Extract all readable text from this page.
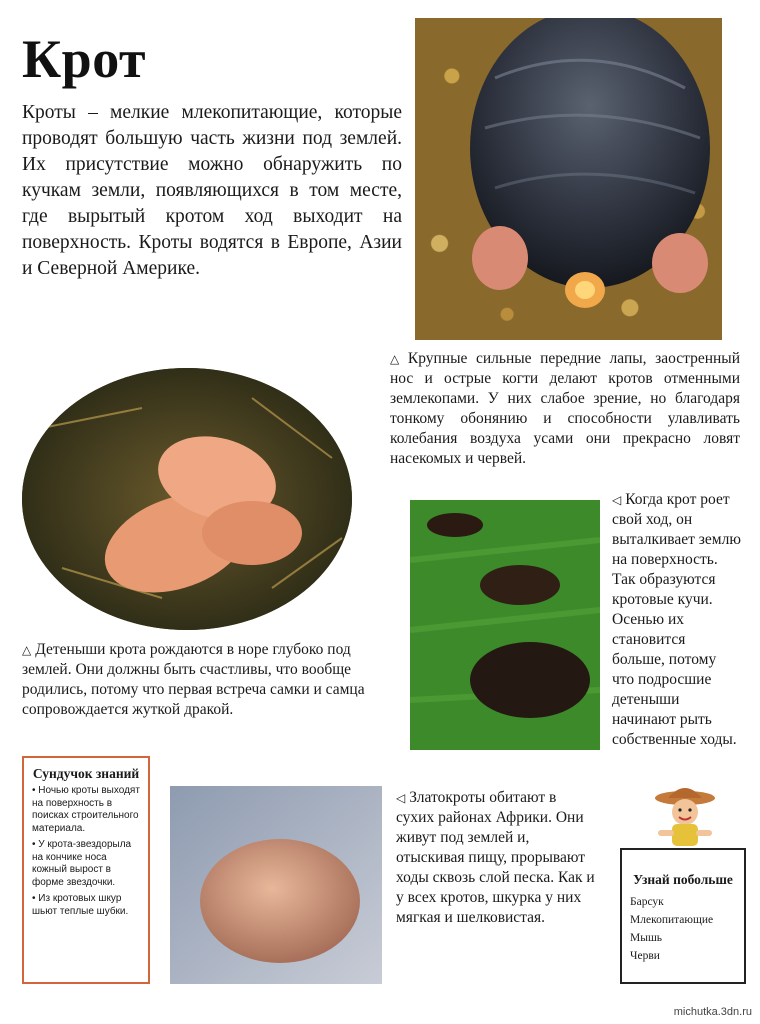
Крот

Кроты – мелкие млекопитающие, которые проводят большую часть жизни под землей. Их присутствие можно обнаружить по кучкам земли, появляющихся в том месте, где вырытый кротом ход выходит на поверхность. Кроты водятся в Европе, Азии и Северной Америке.

△ Крупные сильные передние лапы, заостренный нос и острые когти делают кротов отменными землекопами. У них слабое зрение, но благодаря тонкому обонянию и способности улавливать колебания воздуха усами они прекрасно ловят насекомых и червей.

△ Детеныши крота рождаются в норе глубоко под землей. Они должны быть счастливы, что вообще родились, потому что первая встреча самки и самца сопровождается жуткой дракой.

◁ Когда крот роет свой ход, он выталкивает землю на поверхность. Так образуются кротовые кучи. Осенью их становится больше, потому что подросшие детеныши начинают рыть собственные ходы.

Сундучок знаний
• Ночью кроты выходят на поверхность в поисках строительного материала.
• У крота-звездорыла на кончике носа кожный вырост в форме звездочки.
• Из кротовых шкур шьют теплые шубки.

◁ Златокроты обитают в сухих районах Африки. Они живут под землей и, отыскивая пищу, прорывают ходы сквозь слой песка. Как и у всех кротов, шкурка у них мягкая и шелковистая.

Узнай побольше
Барсук
Млекопитающие
Мышь
Черви
michutka.3dn.ru
